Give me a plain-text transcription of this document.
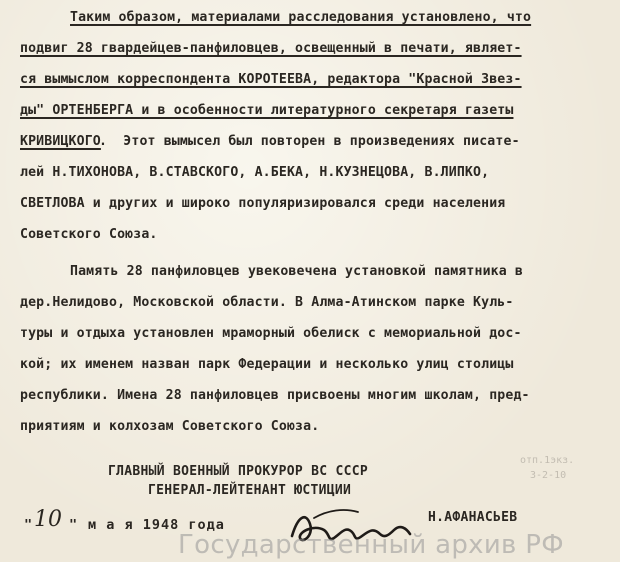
Таким образом, материалами расследования установлено, что
подвиг 28 гвардейцев-панфиловцев, освещенный в печати, являет-
ся вымыслом корреспондента КОРОТЕЕВА, редактора "Красной Звез-
ды" ОРТЕНБЕРГА и в особенности литературного секретаря газеты
КРИВИЦКОГО
.  Этот вымысел был повторен в произведениях писате-
лей Н.ТИХОНОВА, В.СТАВСКОГО, А.БЕКА, Н.КУЗНЕЦОВА, В.ЛИПКО,
СВЕТЛОВА и других и широко популяризировался среди населения
Советского Союза.
Память 28 панфиловцев увековечена установкой памятника в
дер.Нелидово, Московской области. В Алма-Атинском парке Куль-
туры и отдыха установлен мраморный обелиск с мемориальной дос-
кой; их именем назван парк Федерации и несколько улиц столицы
республики. Имена 28 панфиловцев присвоены многим школам, пред-
приятиям и колхозам Советского Союза.
отп.1экз.
3-2-10
ГЛАВНЫЙ ВОЕННЫЙ ПРОКУРОР ВС СССР
ГЕНЕРАЛ-ЛЕЙТЕНАНТ ЮСТИЦИИ
" 10 " м а я 1948 года	Н.АФАНАСЬЕВ
Государственный архив РФ
